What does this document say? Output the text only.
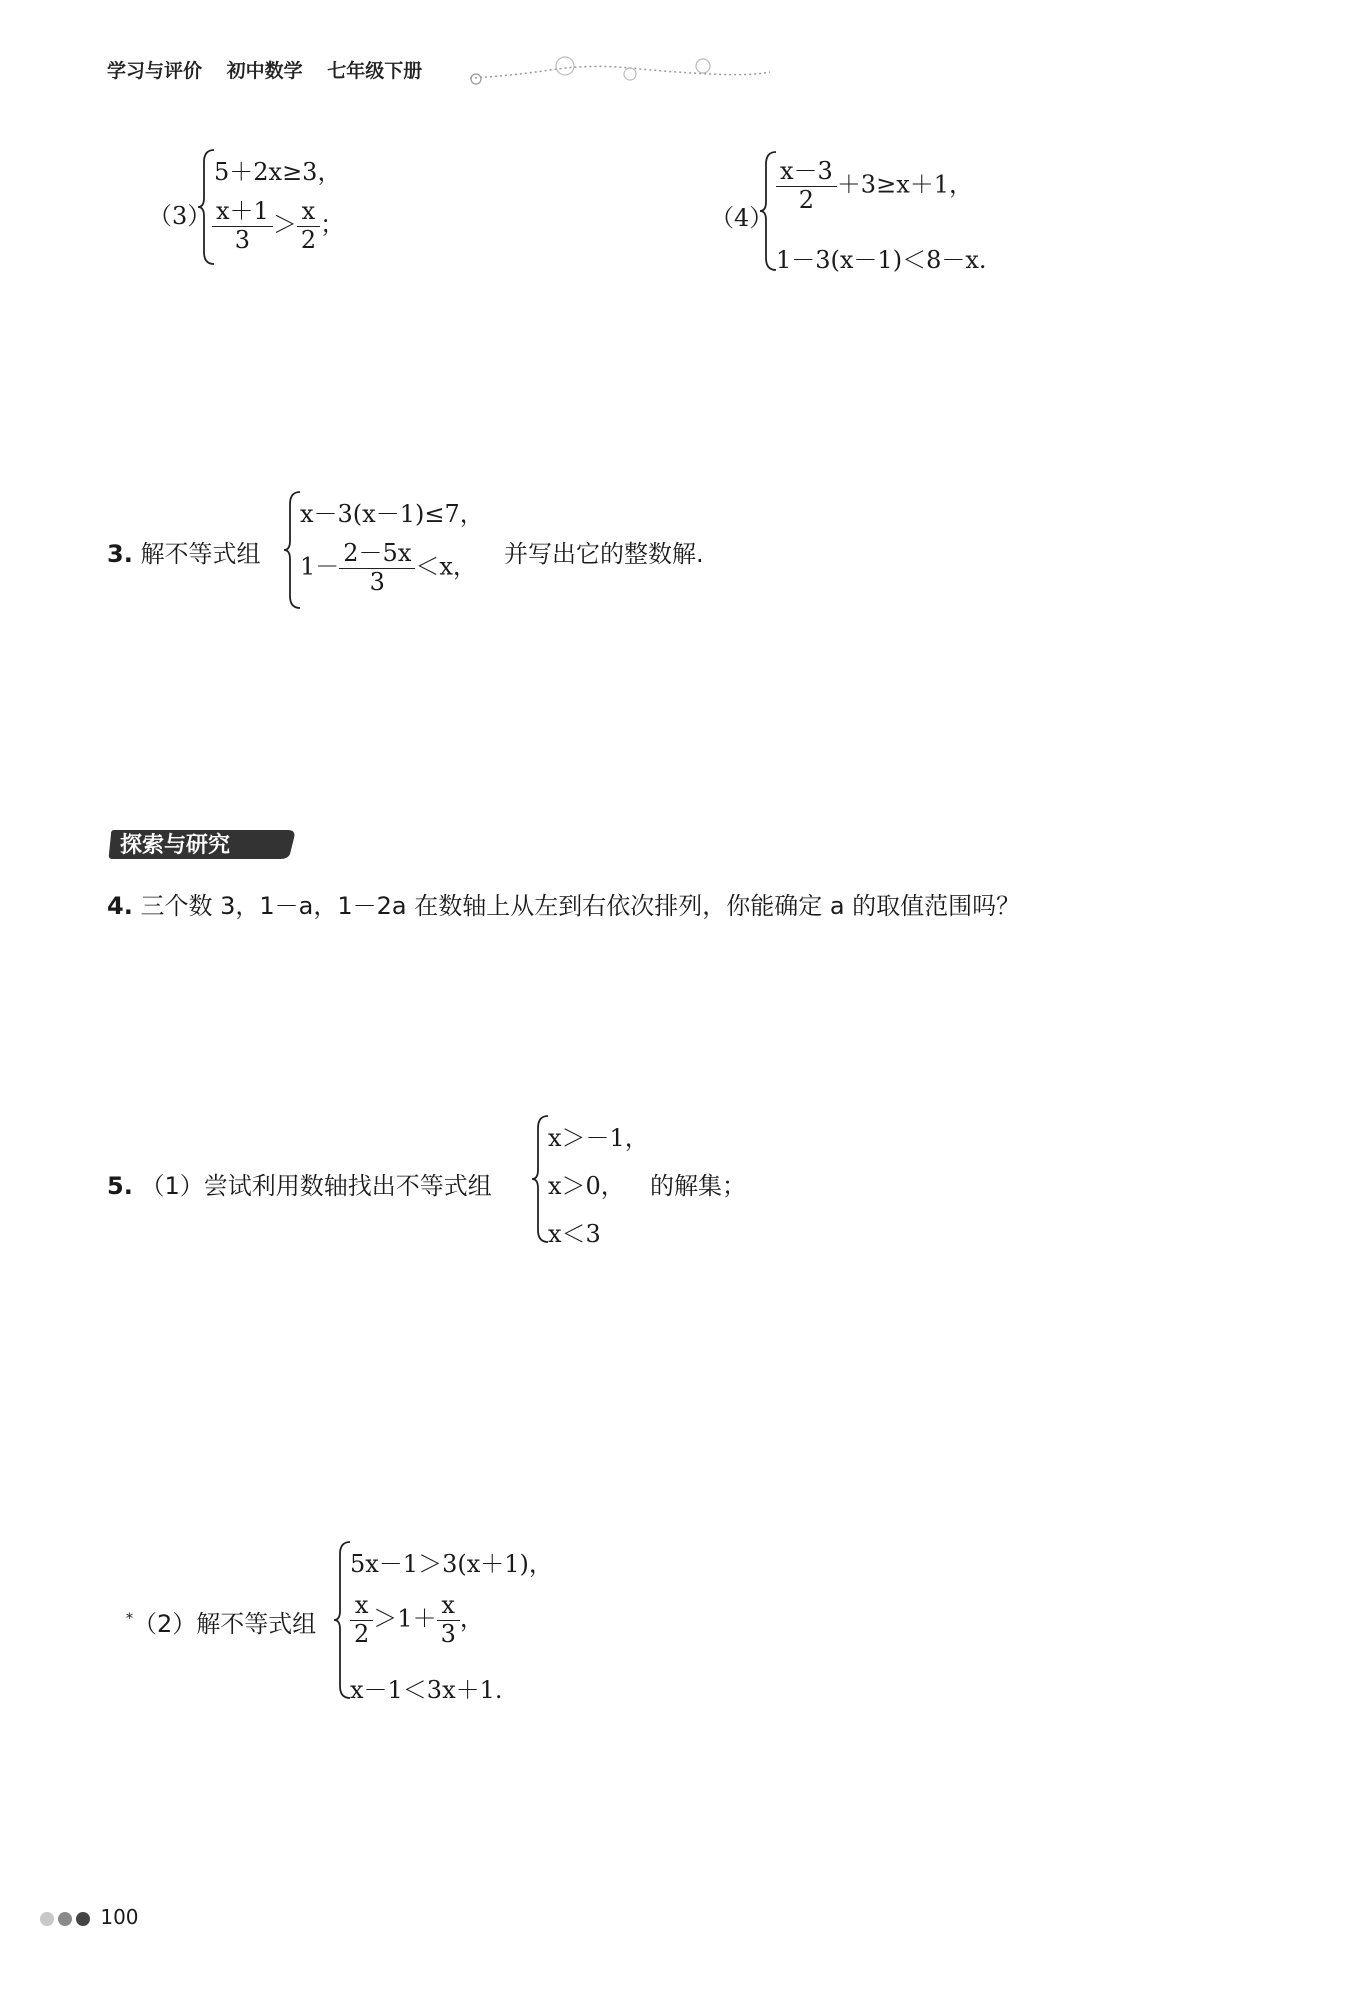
学习与评价 初中数学 七年级下册
（3）
5＋2x≥3，
$\frac{x+1}{3} > \frac{x}{2}$ ；	（4）
$\frac{x-3}{2} +3\ge x+1$，
1－3(x－1)＜8－x.
3. 解不等式组
x－3(x－1)≤7，
$1- \frac{2-5x}{3} <x$， 并写出它的整数解.
探索与研究
4. 三个数 3，1－a，1－2a 在数轴上从左到右依次排列，你能确定 a 的取值范围吗？
5. （1）尝试利用数轴找出不等式组
x＞－1，
x＞0，
x＜3
的解集；
*（2）解不等式组
5x－1＞3(x＋1)，
$\frac{x}{2} >1+ \frac{x}{3}$ ，
x－1＜3x＋1.
100
